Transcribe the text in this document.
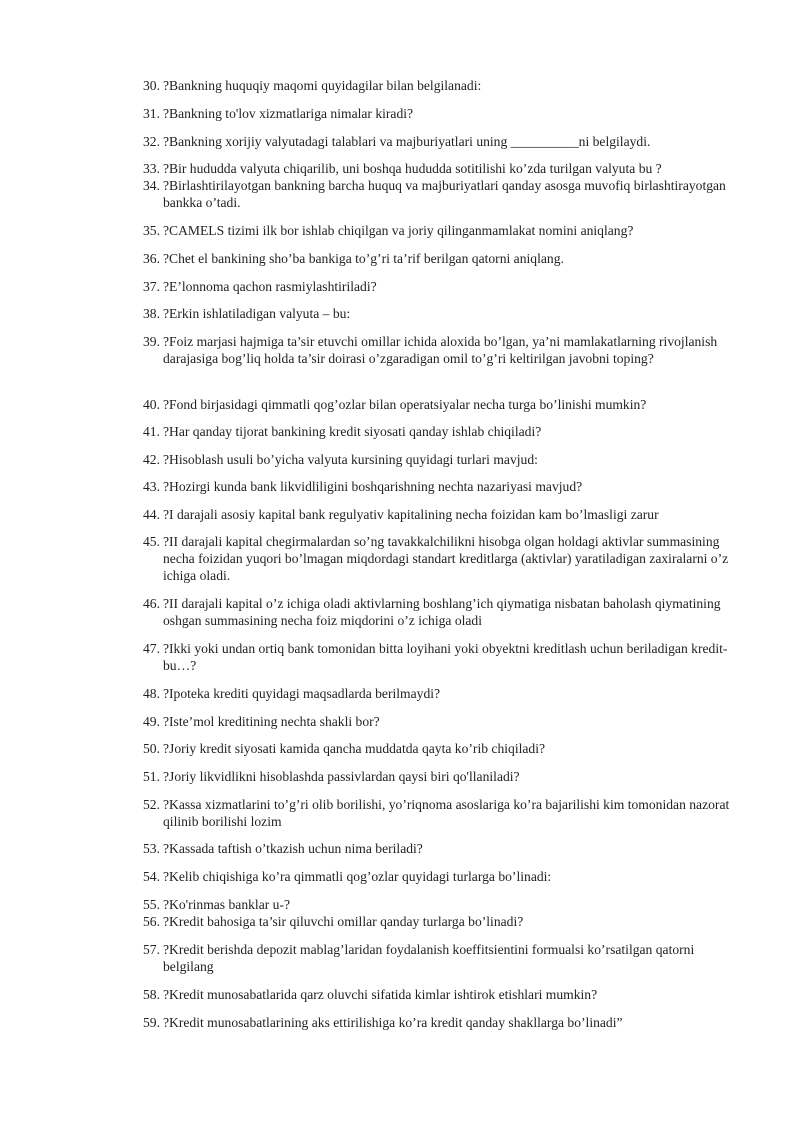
30. ?Bankning huquqiy maqomi quyidagilar bilan belgilanadi:
31. ?Bankning to'lov xizmatlariga nimalar kiradi?
32. ?Bankning xorijiy valyutadagi talablari va majburiyatlari uning __________ni belgilaydi.
33. ?Bir hududda valyuta chiqarilib, uni boshqa hududda sotitilishi ko’zda turilgan valyuta bu ?
34. ?Birlashtirilayotgan bankning barcha huquq va majburiyatlari qanday asosga muvofiq birlashtirayotgan bankka o’tadi.
35. ?CAMELS tizimi ilk bor ishlab chiqilgan va joriy qilinganmamlakat nomini aniqlang?
36. ?Chet el bankining sho’ba bankiga to’g’ri ta’rif berilgan qatorni aniqlang.
37. ?E’lonnoma qachon rasmiylashtiriladi?
38. ?Erkin ishlatiladigan valyuta – bu:
39. ?Foiz marjasi hajmiga ta’sir etuvchi omillar ichida aloxida bo’lgan, ya’ni mamlakatlarning rivojlanish darajasiga bog’liq holda ta’sir doirasi o’zgaradigan omil to’g’ri keltirilgan javobni toping?
40. ?Fond birjasidagi qimmatli qog’ozlar bilan operatsiyalar necha turga bo’linishi mumkin?
41. ?Har qanday tijorat bankining kredit siyosati qanday ishlab chiqiladi?
42. ?Hisoblash usuli bo’yicha valyuta kursining quyidagi turlari mavjud:
43. ?Hozirgi kunda bank likvidliligini boshqarishning nechta nazariyasi mavjud?
44. ?I darajali asosiy kapital bank regulyativ kapitalining necha foizidan kam bo’lmasligi zarur
45. ?II darajali kapital chegirmalardan so’ng tavakkalchilikni hisobga olgan holdagi aktivlar summasining necha foizidan yuqori bo’lmagan miqdordagi standart kreditlarga (aktivlar) yaratiladigan zaxiralarni o’z ichiga oladi.
46. ?II darajali kapital o’z ichiga oladi aktivlarning boshlang’ich qiymatiga nisbatan baholash qiymatining oshgan summasining necha foiz miqdorini o’z ichiga oladi
47. ?Ikki yoki undan ortiq bank tomonidan bitta loyihani yoki obyektni kreditlash uchun beriladigan kredit- bu…?
48. ?Ipoteka krediti quyidagi maqsadlarda berilmaydi?
49. ?Iste’mol kreditining nechta shakli bor?
50. ?Joriy kredit siyosati kamida qancha muddatda qayta ko’rib chiqiladi?
51. ?Joriy likvidlikni hisoblashda passivlardan qaysi biri qo'llaniladi?
52. ?Kassa xizmatlarini to’g’ri olib borilishi, yo’riqnoma asoslariga ko’ra bajarilishi kim tomonidan nazorat qilinib borilishi lozim
53. ?Kassada taftish o’tkazish uchun nima beriladi?
54. ?Kelib chiqishiga ko’ra qimmatli qog’ozlar quyidagi turlarga bo’linadi:
55. ?Ko'rinmas banklar u-?
56. ?Kredit bahosiga ta’sir qiluvchi omillar qanday turlarga bo’linadi?
57. ?Kredit berishda depozit mablag’laridan foydalanish koeffitsientini formualsi ko’rsatilgan qatorni belgilang
58. ?Kredit munosabatlarida qarz oluvchi sifatida kimlar ishtirok etishlari mumkin?
59. ?Kredit munosabatlarining aks ettirilishiga ko’ra kredit qanday shakllarga bo’linadi”
